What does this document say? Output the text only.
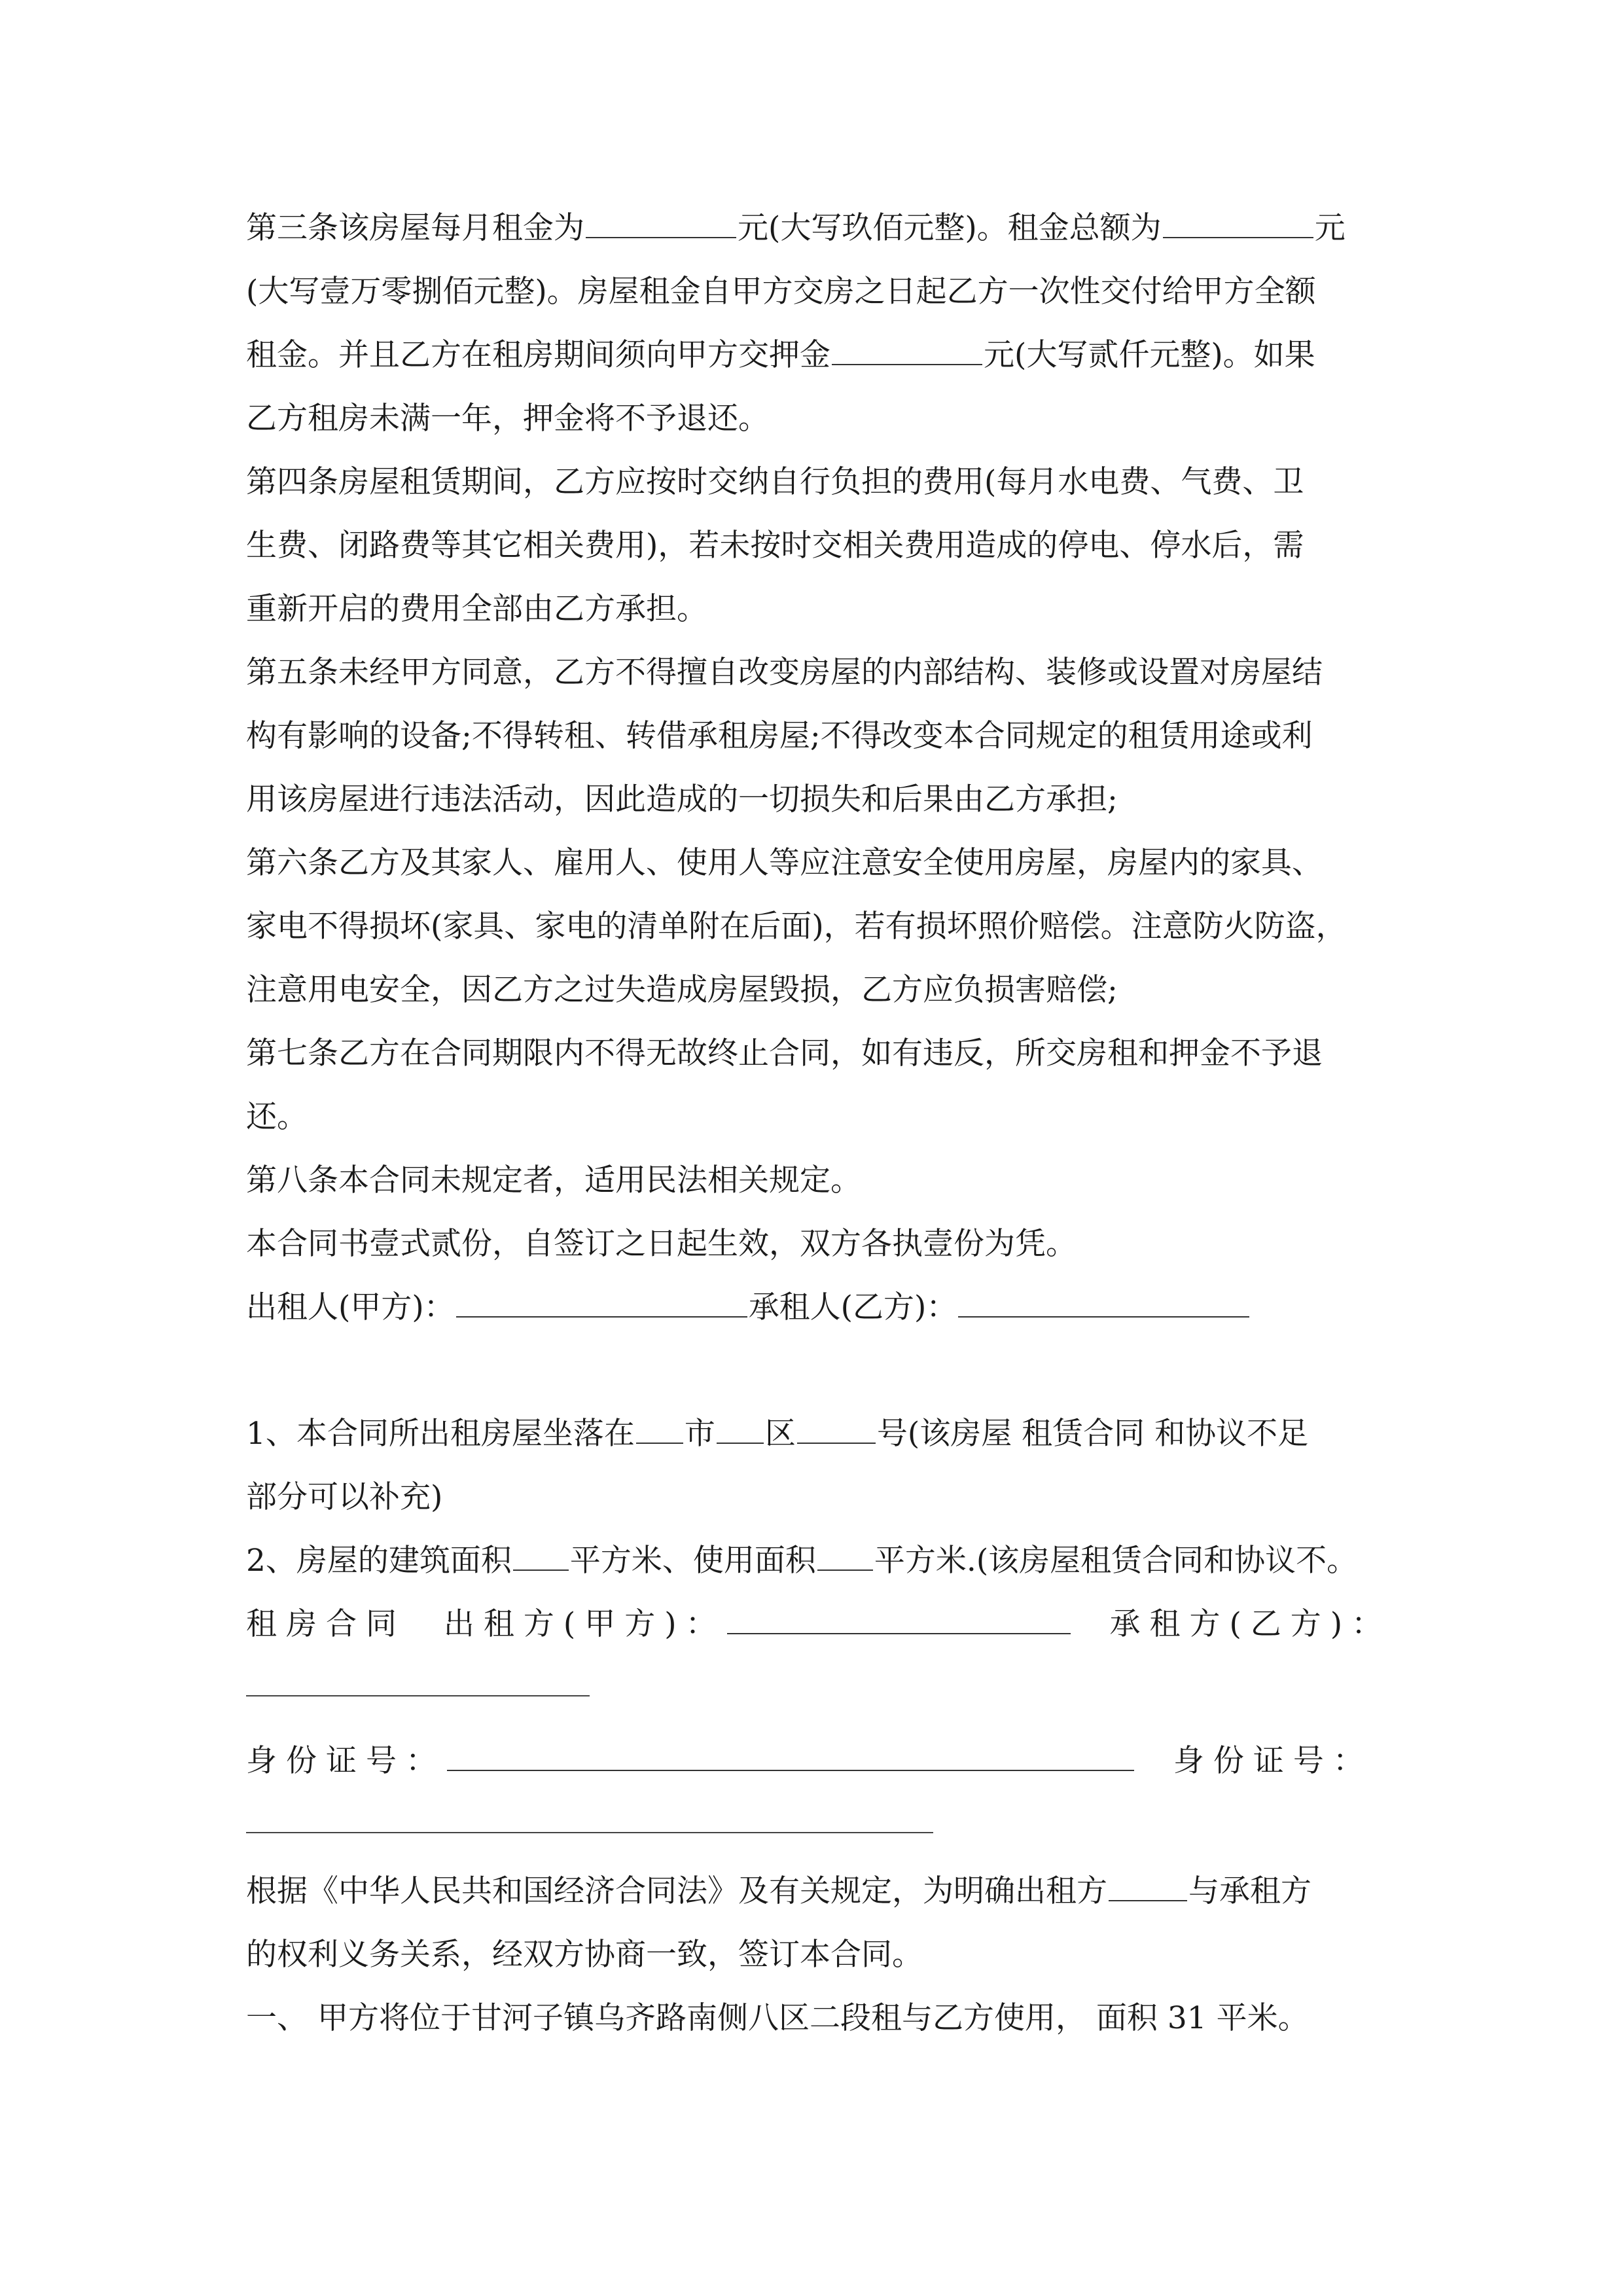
第三条该房屋每月租金为	元(大写玖佰元整)。租金总额为	元
(大写壹万零捌佰元整)。房屋租金自甲方交房之日起乙方一次性交付给甲方全额
租金。并且乙方在租房期间须向甲方交押金	元(大写贰仟元整)。如果
乙方租房未满一年，押金将不予退还。
第四条房屋租赁期间，乙方应按时交纳自行负担的费用(每月水电费、气费、卫
生费、闭路费等其它相关费用)，若未按时交相关费用造成的停电、停水后，需
重新开启的费用全部由乙方承担。
第五条未经甲方同意，乙方不得擅自改变房屋的内部结构、装修或设置对房屋结
构有影响的设备;不得转租、转借承租房屋;不得改变本合同规定的租赁用途或利
用该房屋进行违法活动，因此造成的一切损失和后果由乙方承担;
第六条乙方及其家人、雇用人、使用人等应注意安全使用房屋，房屋内的家具、
家电不得损坏(家具、家电的清单附在后面)，若有损坏照价赔偿。注意防火防盗，
注意用电安全，因乙方之过失造成房屋毁损，乙方应负损害赔偿;
第七条乙方在合同期限内不得无故终止合同，如有违反，所交房租和押金不予退
还。
第八条本合同未规定者，适用民法相关规定。
本合同书壹式贰份，自签订之日起生效，双方各执壹份为凭。
出租人(甲方)：	承租人(乙方)：
1、本合同所出租房屋坐落在 市 区	号(该房屋 租赁合同 和协议不足
部分可以补充)
2、房屋的建筑面积 平方米、使用面积 平方米.(该房屋租赁合同和协议不。
租房合同 出租方(甲方)：	承租方(乙方)：
身份证号：	身份证号：
根据《中华人民共和国经济合同法》及有关规定，为明确出租方	与承租方
的权利义务关系，经双方协商一致，签订本合同。
一、 甲方将位于甘河子镇乌齐路南侧八区二段租与乙方使用， 面积 31 平米。
